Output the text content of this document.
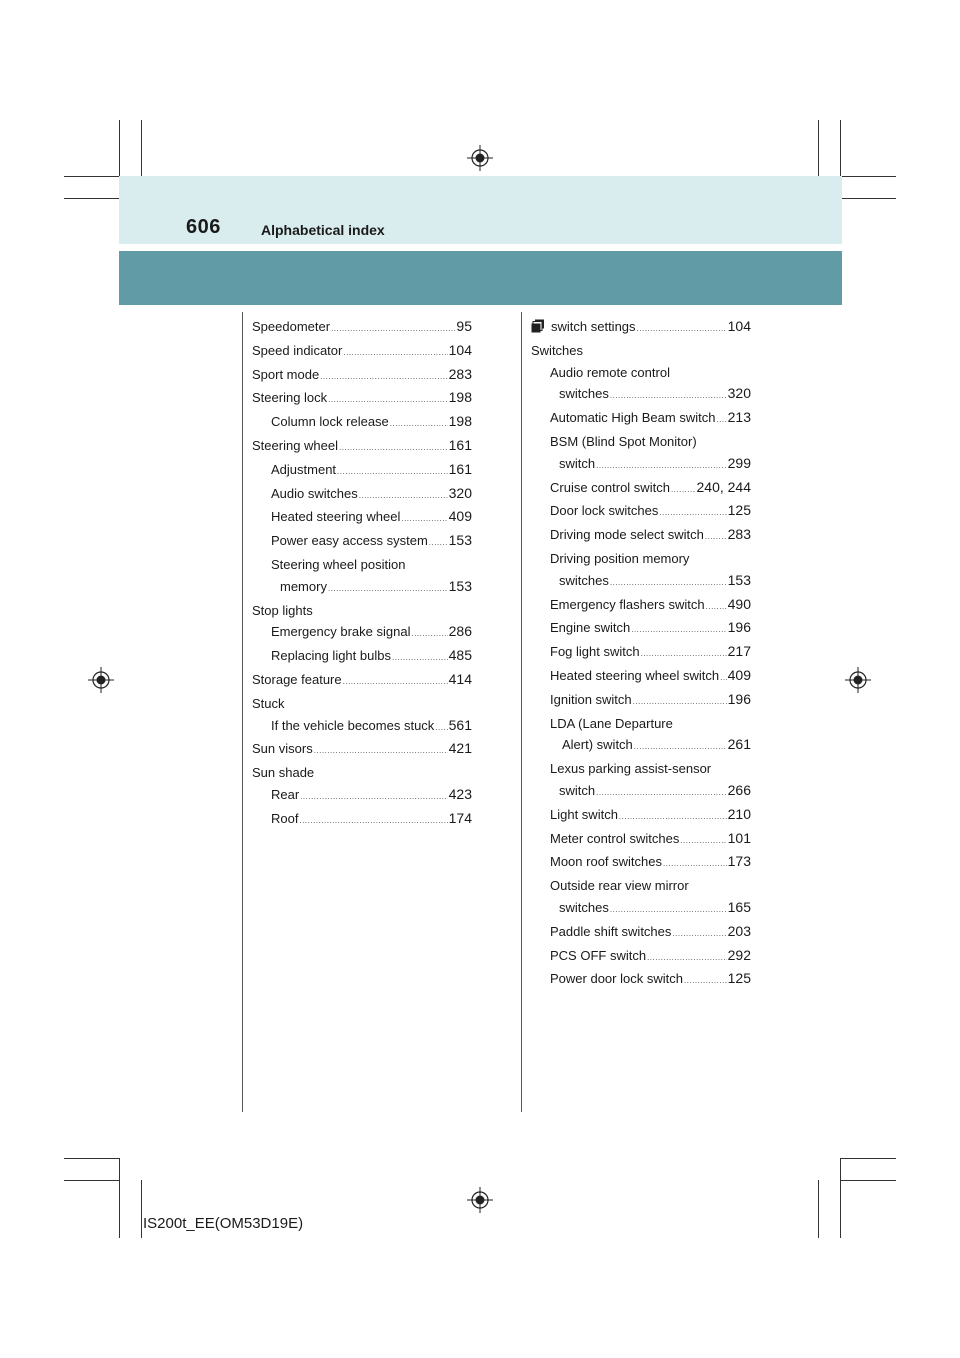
606	Alphabetical index
Speedometer .....	95
Speed indicator .....	104
Sport mode .....	283
Steering lock .....	198
Column lock release .....	198
Steering wheel .....	161
Adjustment .....	161
Audio switches .....	320
Heated steering wheel .....	409
Power easy access system ..... 153
Steering wheel position
memory .....	153
Stop lights
Emergency brake signal .....	286
Replacing light bulbs .....	485
Storage feature .....	414
Stuck
If the vehicle becomes stuck ..... 561
Sun visors .....	421
Sun shade
Rear .....	423
Roof .....	174
switch settings .....	104
Switches
Audio remote control
switches .....	320
Automatic High Beam switch ..... 213
BSM (Blind Spot Monitor)
switch .....	299
Cruise control switch ..... 240, 244
Door lock switches .....	125
Driving mode select switch ..... 283
Driving position memory
switches .....	153
Emergency flashers switch ..... 490
Engine switch .....	196
Fog light switch .....	217
Heated steering wheel switch ..... 409
Ignition switch .....	196
LDA (Lane Departure
Alert) switch .....	261
Lexus parking assist-sensor
switch .....	266
Light switch .....	210
Meter control switches .....	101
Moon roof switches .....	173
Outside rear view mirror
switches .....	165
Paddle shift switches .....	203
PCS OFF switch .....	292
Power door lock switch .....	125
IS200t_EE(OM53D19E)
